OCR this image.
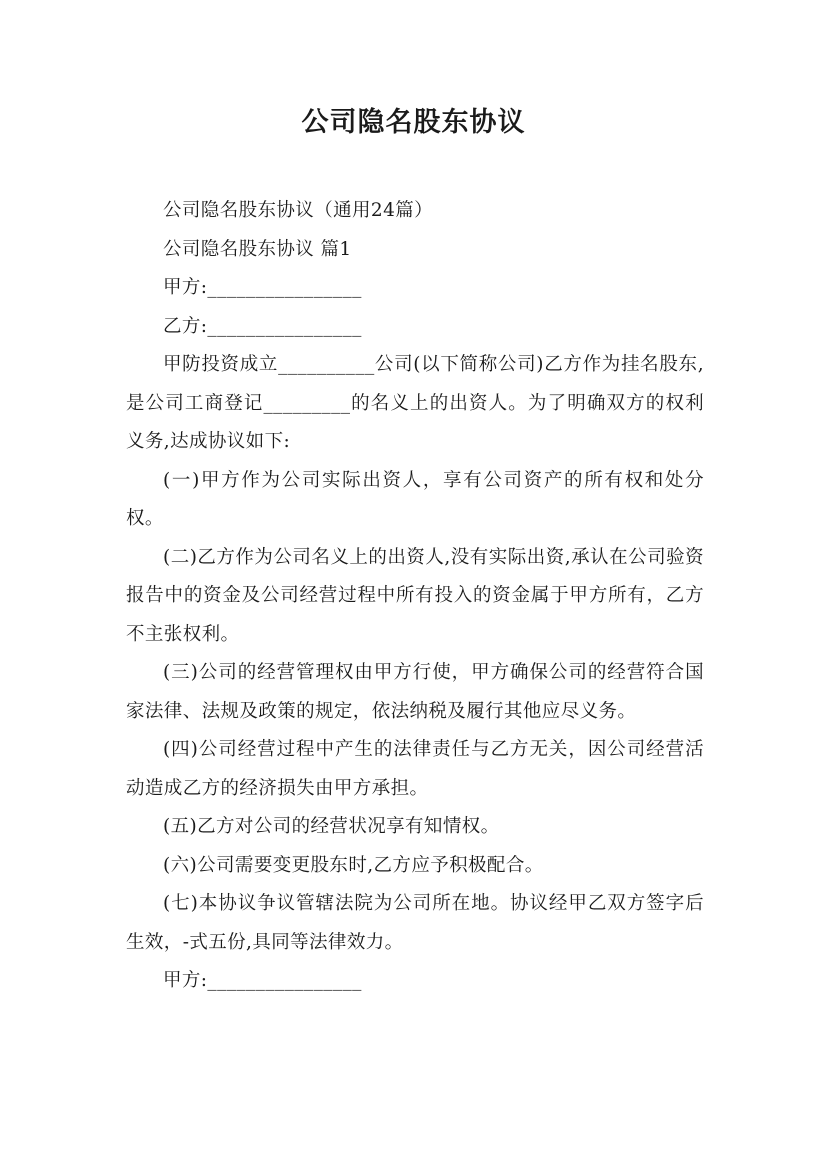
公司隐名股东协议

公司隐名股东协议（通用24篇）

公司隐名股东协议 篇1

甲方:________________

乙方:________________

甲防投资成立__________公司(以下简称公司)乙方作为挂名股东,是公司工商登记_________的名义上的出资人。为了明确双方的权利义务,达成协议如下:

(一)甲方作为公司实际出资人，享有公司资产的所有权和处分权。

(二)乙方作为公司名义上的出资人,没有实际出资,承认在公司验资报告中的资金及公司经营过程中所有投入的资金属于甲方所有，乙方不主张权利。

(三)公司的经营管理权由甲方行使，甲方确保公司的经营符合国家法律、法规及政策的规定，依法纳税及履行其他应尽义务。

(四)公司经营过程中产生的法律责任与乙方无关，因公司经营活动造成乙方的经济损失由甲方承担。

(五)乙方对公司的经营状况享有知情权。

(六)公司需要变更股东时,乙方应予积极配合。

(七)本协议争议管辖法院为公司所在地。协议经甲乙双方签字后生效，-式五份,具同等法律效力。

甲方:________________
